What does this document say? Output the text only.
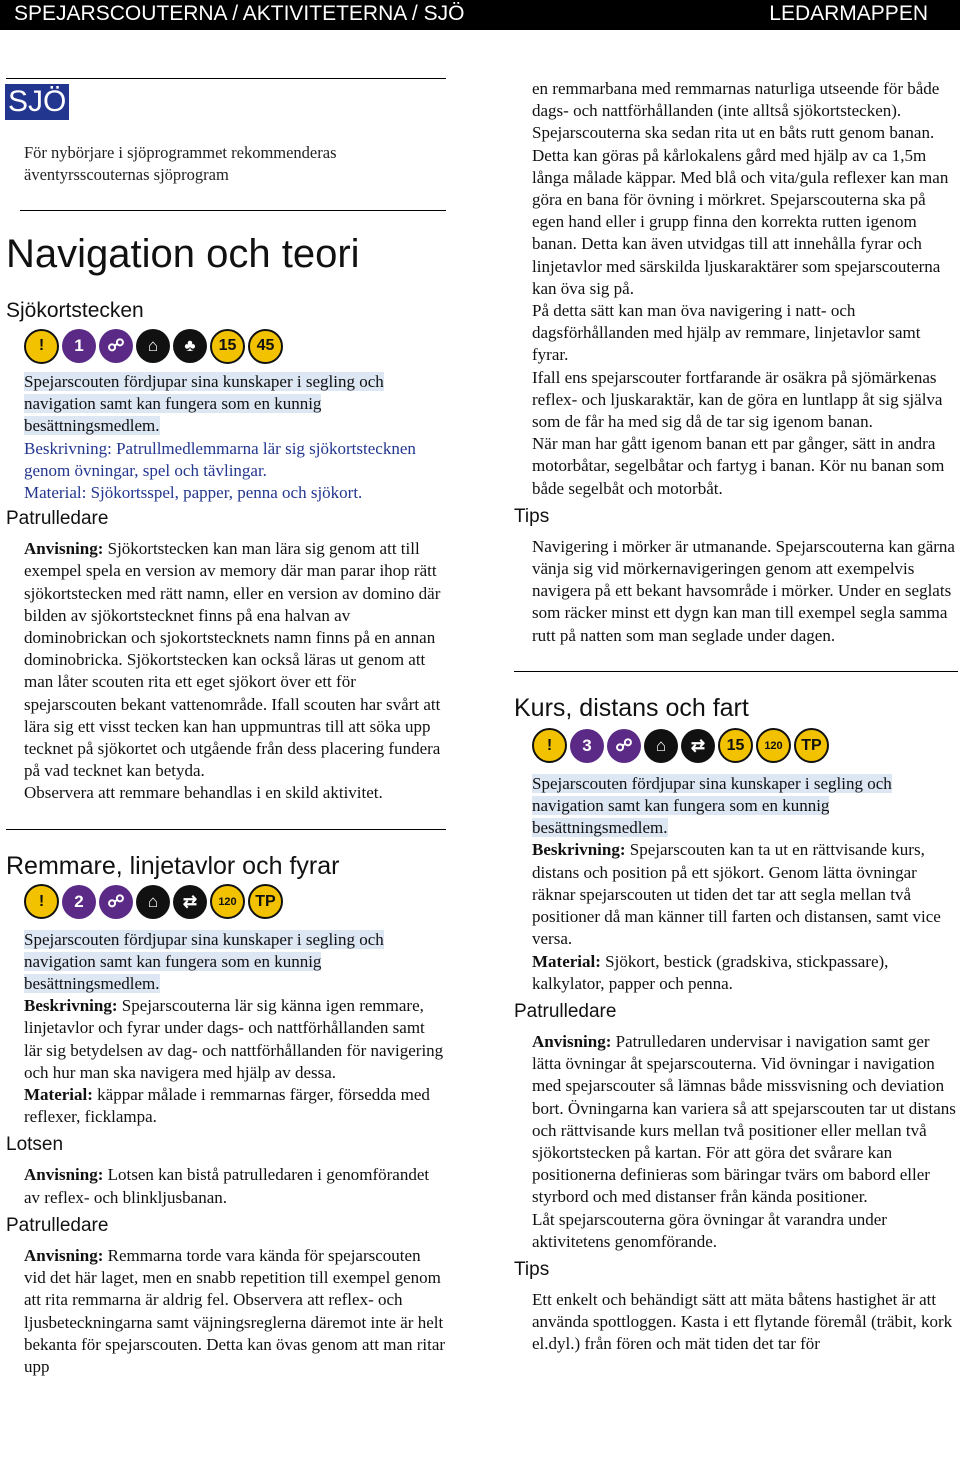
SPEJARSCOUTERNA / AKTIVITETERNA / SJÖ	LEDARMAPPEN
SJÖ
För nybörjare i sjöprogrammet rekommenderas äventyrsscouternas sjöprogram
Navigation och teori
Sjökortstecken
!	1	☍	⌂	♣	15	45
Spejarscouten fördjupar sina kunskaper i segling och navigation samt kan fungera som en kunnig besättningsmedlem.
Beskrivning: Patrullmedlemmarna lär sig sjökortstecknen genom övningar, spel och tävlingar.
Material: Sjökortsspel, papper, penna och sjökort.
Patrulledare
Anvisning: Sjökortstecken kan man lära sig genom att till exempel spela en version av memory där man parar ihop rätt sjökortstecken med rätt namn, eller en version av domino där bilden av sjökortstecknet finns på ena halvan av dominobrickan och sjokortstecknets namn finns på en annan dominobricka. Sjökortstecken kan också läras ut genom att man låter scouten rita ett eget sjökort över ett för spejarscouten bekant vattenområde. Ifall scouten har svårt att lära sig ett visst tecken kan han uppmuntras till att söka upp tecknet på sjökortet och utgående från dess placering fundera på vad tecknet kan betyda.
Observera att remmare behandlas i en skild aktivitet.
Remmare, linjetavlor och fyrar
!	2	☍	⌂	⇄	120	TP
Spejarscouten fördjupar sina kunskaper i segling och navigation samt kan fungera som en kunnig besättningsmedlem.
Beskrivning: Spejarscouterna lär sig känna igen remmare, linjetavlor och fyrar under dags- och nattförhållanden samt lär sig betydelsen av dag- och nattförhållanden för navigering och hur man ska navigera med hjälp av dessa.
Material: käppar målade i remmarnas färger, försedda med reflexer, ficklampa.
Lotsen
Anvisning: Lotsen kan bistå patrulledaren i genomförandet av reflex- och blinkljusbanan.
Patrulledare
Anvisning: Remmarna torde vara kända för spejarscouten vid det här laget, men en snabb repetition till exempel genom att rita remmarna är aldrig fel. Observera att reflex- och ljusbeteckningarna samt väjningsreglerna däremot inte är helt bekanta för spejarscouten. Detta kan övas genom att man ritar upp
en remmarbana med remmarnas naturliga utseende för både dags- och nattförhållanden (inte alltså sjökortstecken). Spejarscouterna ska sedan rita ut en båts rutt genom banan. Detta kan göras på kårlokalens gård med hjälp av ca 1,5m långa målade käppar. Med blå och vita/gula reflexer kan man göra en bana för övning i mörkret. Spejarscouterna ska på egen hand eller i grupp finna den korrekta rutten igenom banan. Detta kan även utvidgas till att innehålla fyrar och linjetavlor med särskilda ljuskaraktärer som spejarscouterna kan öva sig på.
På detta sätt kan man öva navigering i natt- och dagsförhållanden med hjälp av remmare, linjetavlor samt fyrar.
Ifall ens spejarscouter fortfarande är osäkra på sjömärkenas reflex- och ljuskaraktär, kan de göra en luntlapp åt sig själva som de får ha med sig då de tar sig igenom banan.
När man har gått igenom banan ett par gånger, sätt in andra motorbåtar, segelbåtar och fartyg i banan. Kör nu banan som både segelbåt och motorbåt.
Tips
Navigering i mörker är utmanande. Spejarscouterna kan gärna vänja sig vid mörkernavigeringen genom att exempelvis navigera på ett bekant havsområde i mörker. Under en seglats som räcker minst ett dygn kan man till exempel segla samma rutt på natten som man seglade under dagen.
Kurs, distans och fart
!	3	☍	⌂	⇄	15	120	TP
Spejarscouten fördjupar sina kunskaper i segling och navigation samt kan fungera som en kunnig besättningsmedlem.
Beskrivning: Spejarscouten kan ta ut en rättvisande kurs, distans och position på ett sjökort. Genom lätta övningar räknar spejarscouten ut tiden det tar att segla mellan två positioner då man känner till farten och distansen, samt vice versa.
Material: Sjökort, bestick (gradskiva, stickpassare), kalkylator, papper och penna.
Patrulledare
Anvisning: Patrulledaren undervisar i navigation samt ger lätta övningar åt spejarscouterna. Vid övningar i navigation med spejarscouter så lämnas både missvisning och deviation bort. Övningarna kan variera så att spejarscouten tar ut distans och rättvisande kurs mellan två positioner eller mellan två sjökortstecken på kartan. För att göra det svårare kan positionerna definieras som bäringar tvärs om babord eller styrbord och med distanser från kända positioner.
Låt spejarscouterna göra övningar åt varandra under aktivitetens genomförande.
Tips
Ett enkelt och behändigt sätt att mäta båtens hastighet är att använda spottloggen. Kasta i ett flytande föremål (träbit, kork el.dyl.) från fören och mät tiden det tar för
